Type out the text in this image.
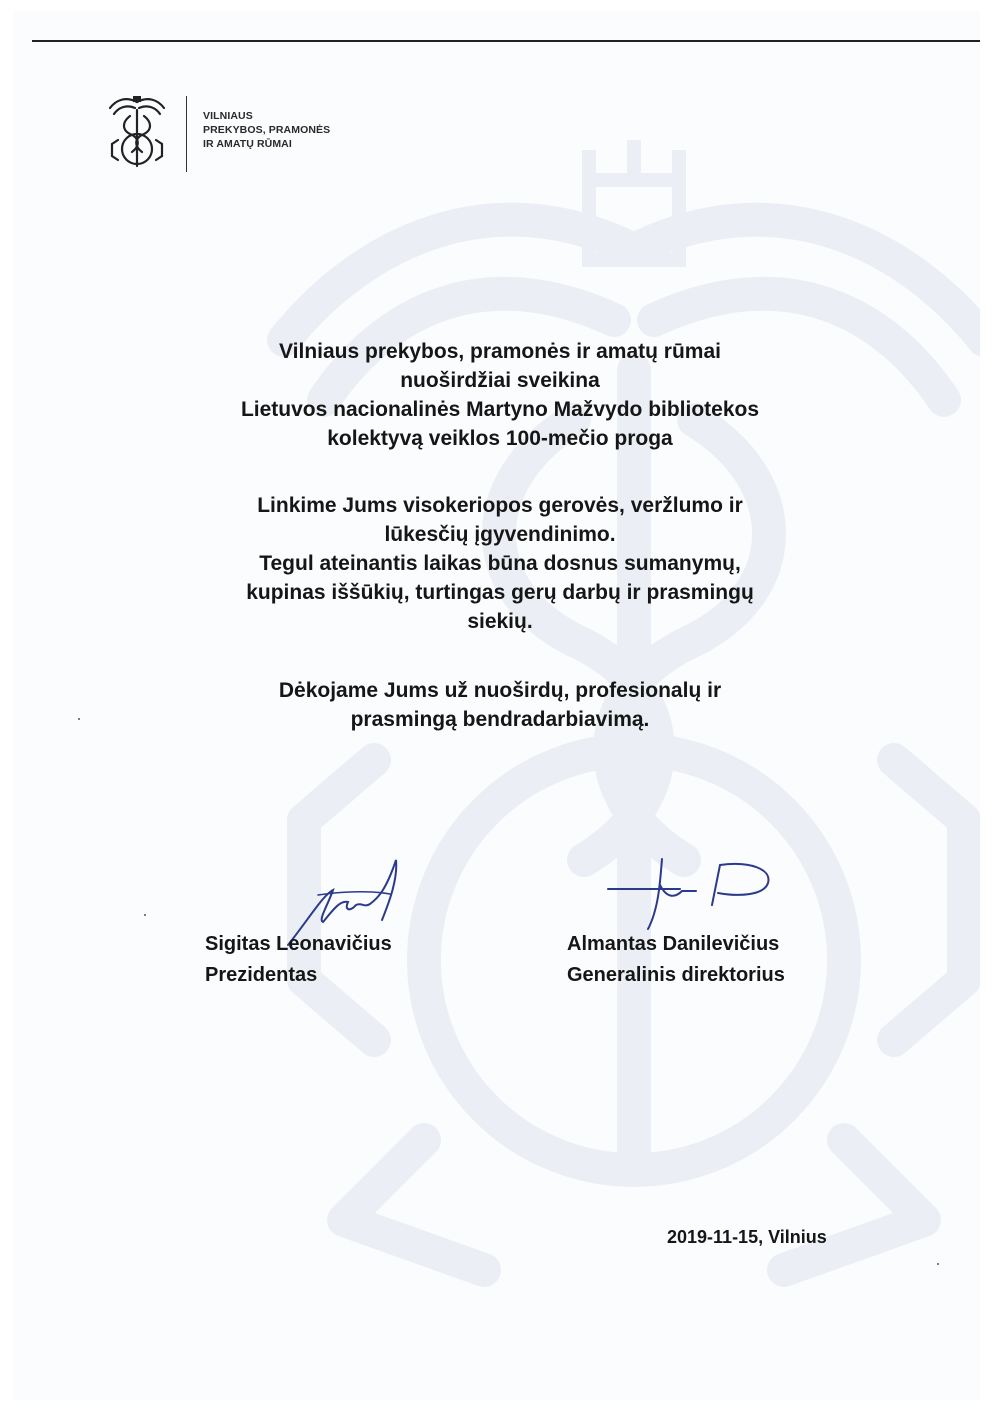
VILNIAUS
PREKYBOS, PRAMONĖS
IR AMATŲ RŪMAI
Vilniaus prekybos, pramonės ir amatų rūmai
nuoširdžiai sveikina
Lietuvos nacionalinės Martyno Mažvydo bibliotekos
kolektyvą veiklos 100-mečio proga
Linkime Jums visokeriopos gerovės, veržlumo ir
lūkesčių įgyvendinimo.
Tegul ateinantis laikas būna dosnus sumanymų,
kupinas iššūkių, turtingas gerų darbų ir prasmingų
siekių.
Dėkojame Jums už nuoširdų, profesionalų ir
prasmingą bendradarbiavimą.
Sigitas Leonavičius
Prezidentas
Almantas Danilevičius
Generalinis direktorius
2019-11-15, Vilnius
